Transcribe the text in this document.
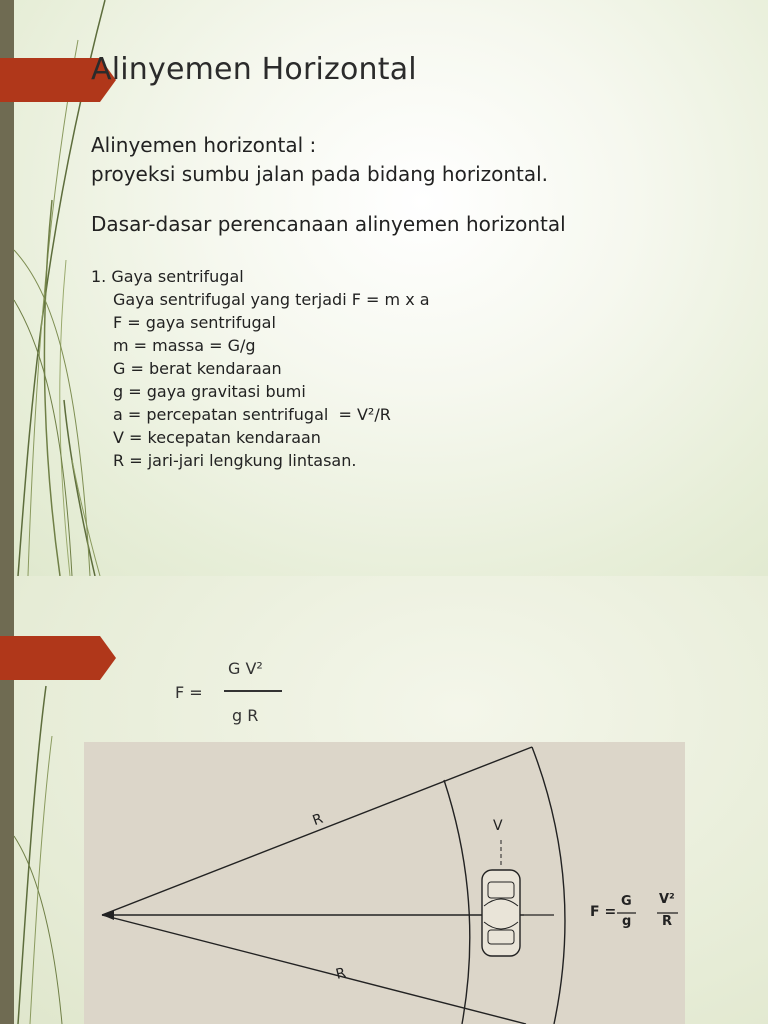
Alinyemen Horizontal
Alinyemen horizontal :
proyeksi sumbu jalan pada bidang horizontal.
Dasar-dasar perencanaan alinyemen horizontal
1. Gaya sentrifugal
Gaya sentrifugal yang terjadi F = m x a
F = gaya sentrifugal
m = massa = G/g
G = berat kendaraan
g = gaya gravitasi bumi
a = percepatan sentrifugal  = V²/R
V = kecepatan kendaraan
R = jari-jari lengkung lintasan.
F =
G V²
g R
R
R
V
F =
G
g
V²
R
